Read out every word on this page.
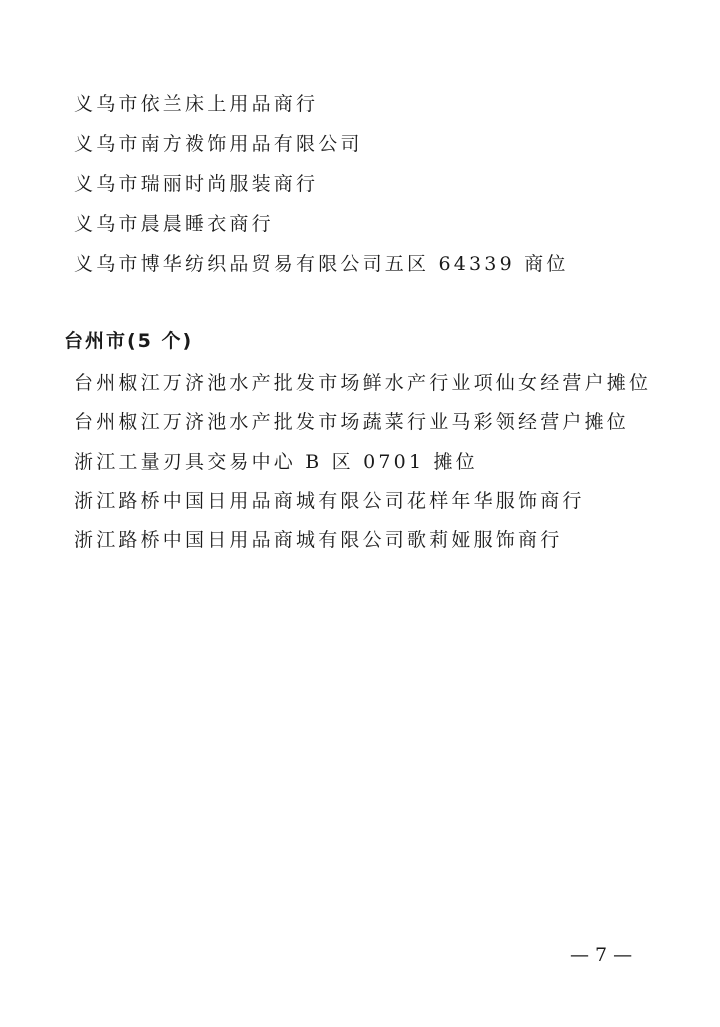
义乌市依兰床上用品商行
义乌市南方袯饰用品有限公司
义乌市瑞丽时尚服装商行
义乌市晨晨睡衣商行
义乌市博华纺织品贸易有限公司五区 64339 商位
台州市(5 个)
台州椒江万济池水产批发市场鲜水产行业项仙女经营户摊位
台州椒江万济池水产批发市场蔬菜行业马彩领经营户摊位
浙江工量刃具交易中心 B 区 0701 摊位
浙江路桥中国日用品商城有限公司花样年华服饰商行
浙江路桥中国日用品商城有限公司歌莉娅服饰商行
— 7 —
